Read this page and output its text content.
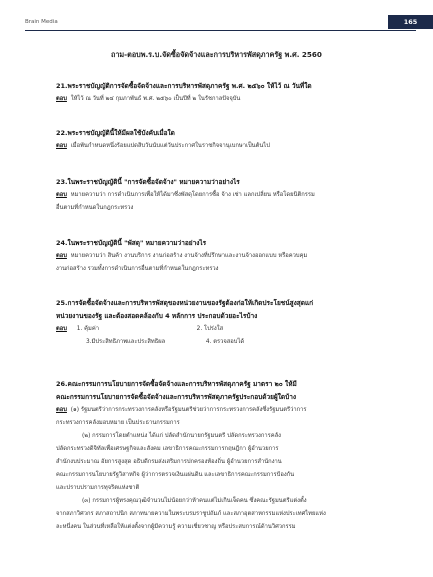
Brain Media	165
ถาม-ตอบพ.ร.บ.จัดซื้อจัดจ้างและการบริหารพัสดุภาครัฐ พ.ศ. 2560
21.พระราชบัญญัติการจัดซื้อจัดจ้างและการบริหารพัสดุภาครัฐ พ.ศ. ๒๕๖๐ ให้ไว้ ณ วันที่ใด
ตอบ ให้ไว้ ณ วันที่ ๒๔ กุมภาพันธ์ พ.ศ. ๒๕๖๐ เป็นปีที่ ๒ ในรัชกาลปัจจุบัน
22.พระราชบัญญัตินี้ให้มีผลใช้บังคับเมื่อใด
ตอบ เมื่อพ้นกำหนดหนึ่งร้อยแปดสิบวันนับแต่วันประกาศในราชกิจจานุเบกษาเป็นต้นไป
23.ในพระราชบัญญัตินี้ "การจัดซื้อจัดจ้าง" หมายความว่าอย่างไร
ตอบ หมายความว่า การดำเนินการเพื่อให้ได้มาซึ่งพัสดุโดยการซื้อ จ้าง เช่า แลกเปลี่ยน หรือโดยนิติกรรม
อื่นตามที่กำหนดในกฎกระทรวง
24.ในพระราชบัญญัตินี้ "พัสดุ" หมายความว่าอย่างไร
ตอบ หมายความว่า สินค้า งานบริการ งานก่อสร้าง งานจ้างที่ปรึกษาและงานจ้างออกแบบ หรือควบคุม
งานก่อสร้าง รวมทั้งการดำเนินการอื่นตามที่กำหนดในกฎกระทรวง
25.การจัดซื้อจัดจ้างและการบริหารพัสดุของหน่วยงานของรัฐต้องก่อให้เกิดประโยชน์สูงสุดแก่
หน่วยงานของรัฐ และต้องสอดคล้องกับ 4 หลักการ ประกอบด้วยอะไรบ้าง
ตอบ 1. คุ้มค่า	2. โปร่งใส
3.มีประสิทธิภาพและประสิทธิผล	4. ตรวจสอบได้
26.คณะกรรมการนโยบายการจัดซื้อจัดจ้างและการบริหารพัสดุภาครัฐ มาตรา ๒๐ ให้มี
คณะกรรมการนโยบายการจัดซื้อจัดจ้างและการบริหารพัสดุภาครัฐประกอบด้วยผู้ใดบ้าง
ตอบ (๑) รัฐมนตรีว่าการกระทรวงการคลังหรือรัฐมนตรีช่วยว่าการกระทรวงการคลังซึ่งรัฐมนตรีว่าการ
กระทรวงการคลังมอบหมาย เป็นประธานกรรมการ
(๒) กรรมการโดยตำแหน่ง ได้แก่ ปลัดสำนักนายกรัฐมนตรี ปลัดกระทรวงการคลัง
ปลัดกระทรวงดิจิทัลเพื่อเศรษฐกิจและสังคม เลขาธิการคณะกรรมการกฤษฎีกา ผู้อำนวยการ
สำนักงบประมาณ อัยการสูงสุด อธิบดีกรมส่งเสริมการปกครองท้องถิ่น ผู้อำนวยการสำนักงาน
คณะกรรมการนโยบายรัฐวิสาหกิจ ผู้ว่าการตรวจเงินแผ่นดิน และเลขาธิการคณะกรรมการป้องกัน
และปราบปรามการทุจริตแห่งชาติ
(๓) กรรมการผู้ทรงคุณวุฒิจำนวนไม่น้อยกว่าห้าคนแต่ไม่เกินเจ็ดคน ซึ่งคณะรัฐมนตรีแต่งตั้ง
จากสภาวิศวกร สภาสถาปนิก สภาทนายความในพระบรมราชูปถัมภ์ และสภาอุตสาหกรรมแห่งประเทศไทยแห่ง
ละหนึ่งคน ในส่วนที่เหลือให้แต่งตั้งจากผู้มีความรู้ ความเชี่ยวชาญ หรือประสบการณ์ด้านวิศวกรรม
